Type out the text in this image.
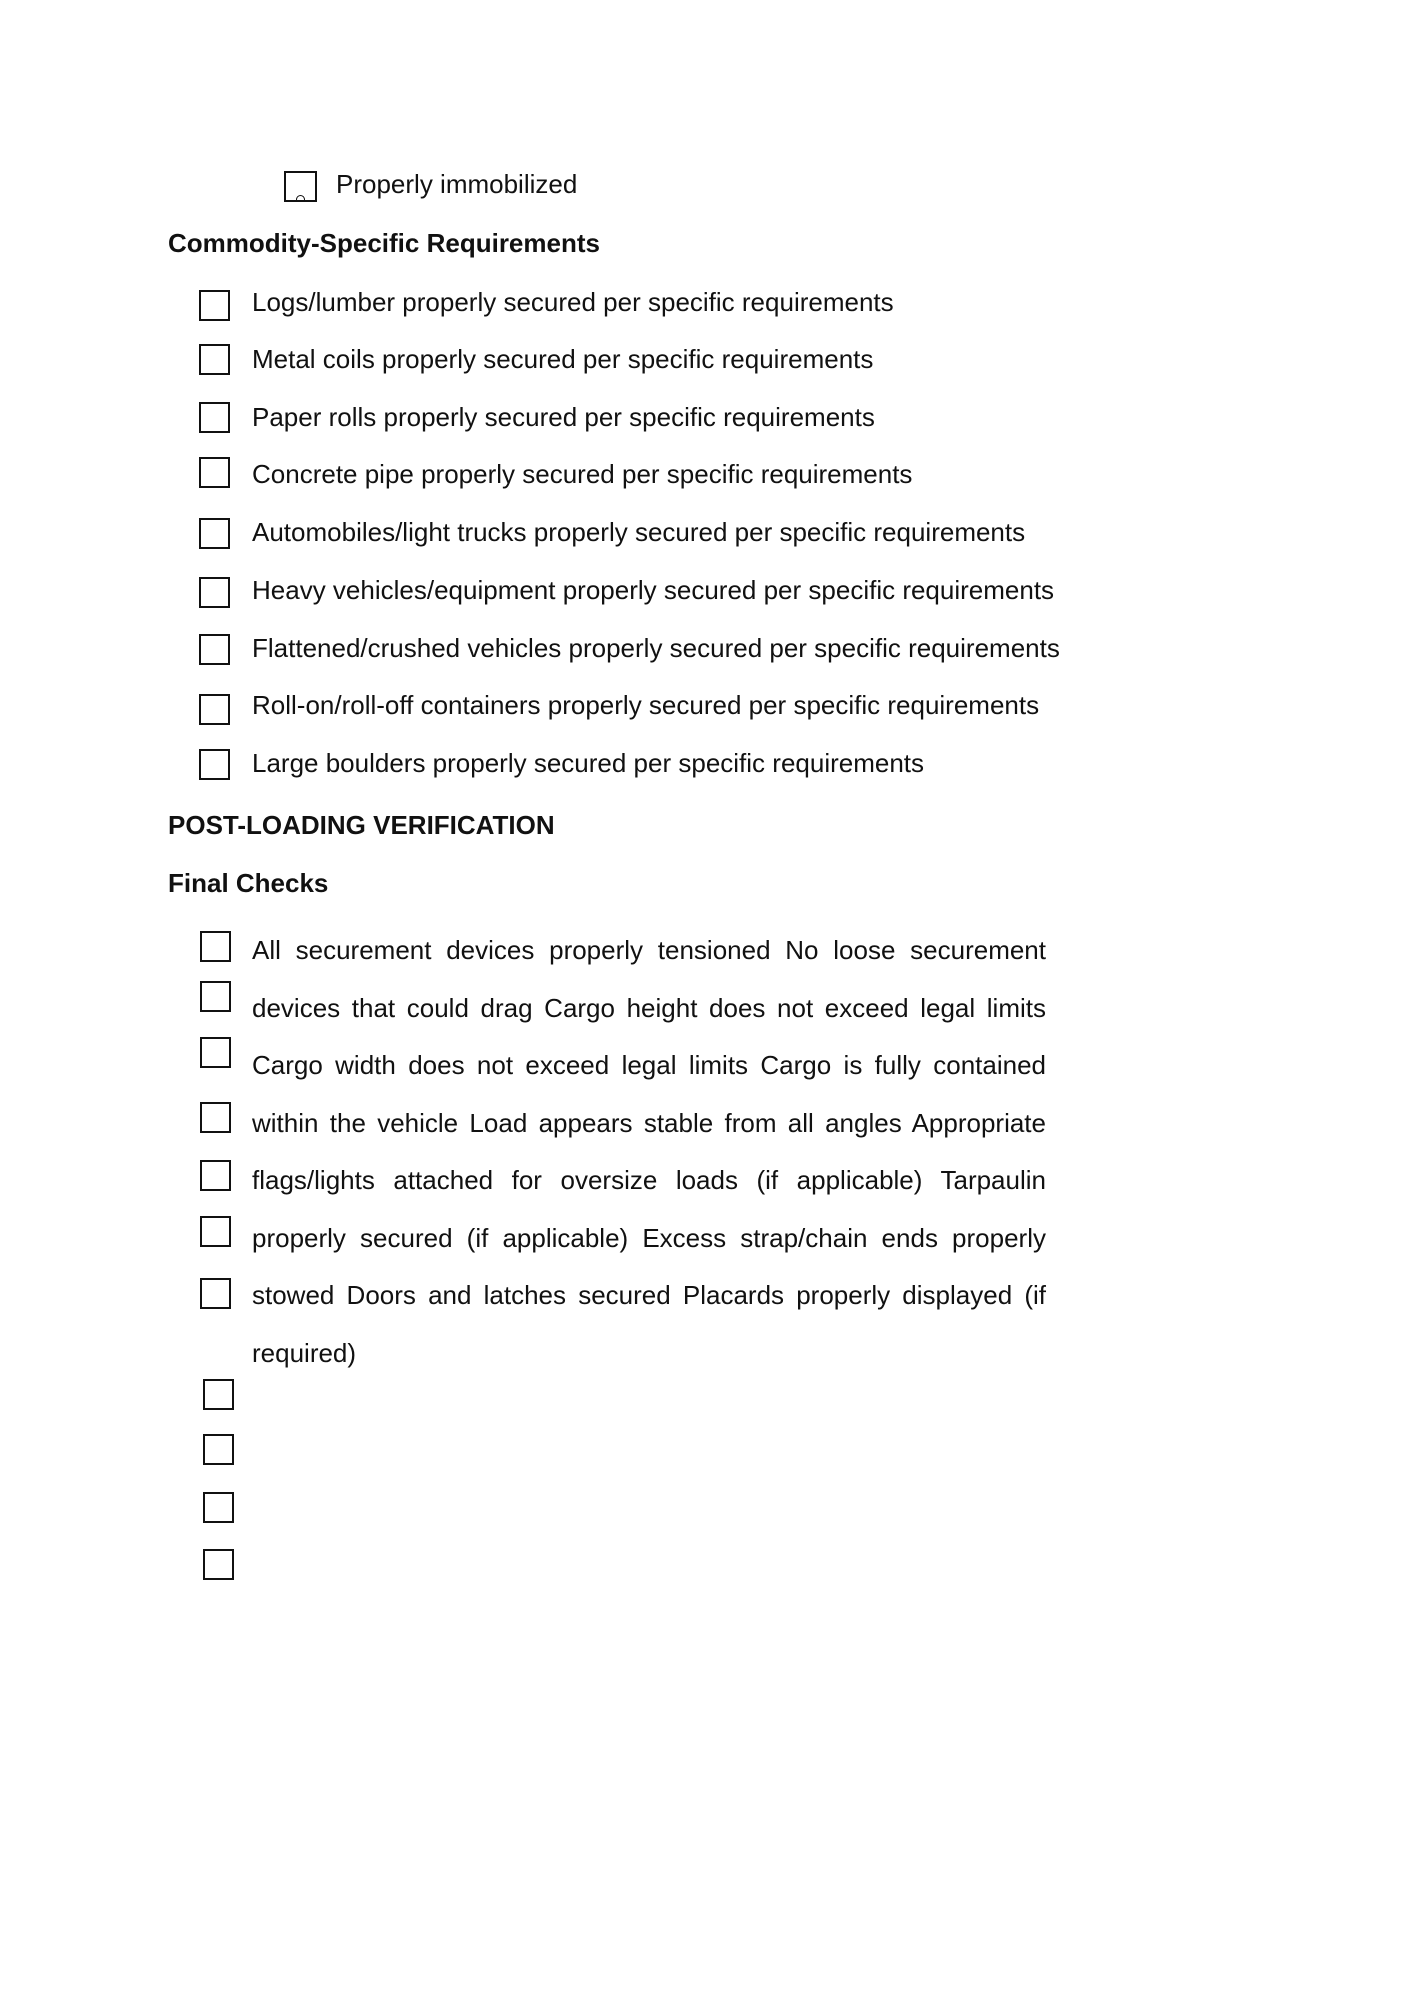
Properly immobilized
Commodity-Specific Requirements
Logs/lumber properly secured per specific requirements
Metal coils properly secured per specific requirements
Paper rolls properly secured per specific requirements
Concrete pipe properly secured per specific requirements
Automobiles/light trucks properly secured per specific requirements
Heavy vehicles/equipment properly secured per specific requirements
Flattened/crushed vehicles properly secured per specific requirements
Roll-on/roll-off containers properly secured per specific requirements
Large boulders properly secured per specific requirements
POST-LOADING VERIFICATION
Final Checks
All securement devices properly tensioned No loose securement devices that could drag Cargo height does not exceed legal limits Cargo width does not exceed legal limits Cargo is fully contained within the vehicle Load appears stable from all angles Appropriate flags/lights attached for oversize loads (if applicable) Tarpaulin properly secured (if applicable) Excess strap/chain ends properly stowed Doors and latches secured Placards properly displayed (if required)
